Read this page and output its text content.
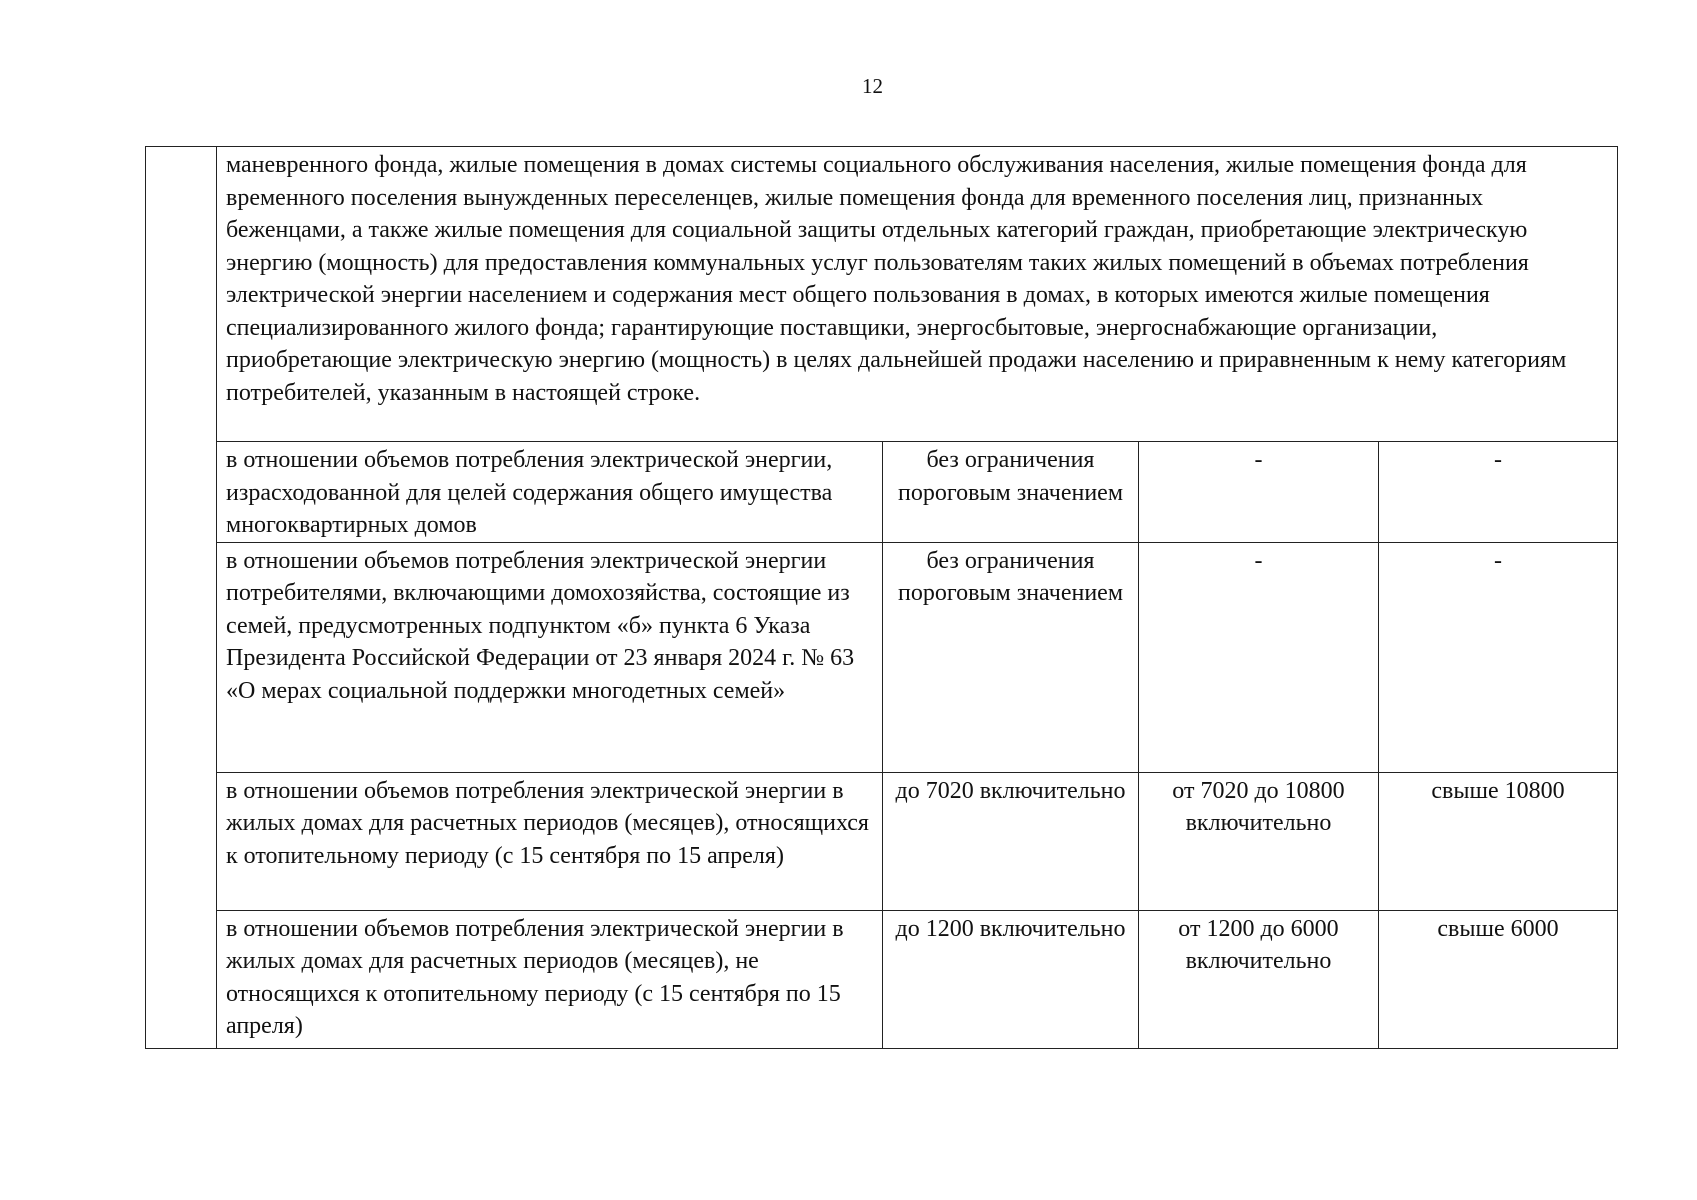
12
	маневренного фонда, жилые помещения в домах системы социального обслуживания населения, жилые помещения фонда для временного поселения вынужденных переселенцев, жилые помещения фонда для временного поселения лиц, признанных беженцами, а также жилые помещения для социальной защиты отдельных категорий граждан, приобретающие электрическую энергию (мощность) для предоставления коммунальных услуг пользователям таких жилых помещений в объемах потребления электрической энергии населением и содержания мест общего пользования в домах, в которых имеются жилые помещения специализированного жилого фонда; гарантирующие поставщики, энергосбытовые, энергоснабжающие организации, приобретающие электрическую энергию (мощность) в целях дальнейшей продажи населению и приравненным к нему категориям потребителей, указанным в настоящей строке.			
	в отношении объемов потребления электрической энергии, израсходованной для целей содержания общего имущества многоквартирных домов	без ограничения пороговым значением	-	-
	в отношении объемов потребления электрической энергии потребителями, включающими домохозяйства, состоящие из семей, предусмотренных подпунктом «б» пункта 6 Указа Президента Российской Федерации от 23 января 2024 г. № 63 «О мерах социальной поддержки многодетных семей»	без ограничения пороговым значением	-	-
	в отношении объемов потребления электрической энергии в жилых домах для расчетных периодов (месяцев), относящихся к отопительному периоду (с 15 сентября по 15 апреля)	до 7020 включительно	от 7020 до 10800 включительно	свыше 10800
	в отношении объемов потребления электрической энергии в жилых домах для расчетных периодов (месяцев), не относящихся к отопительному периоду (с 15 сентября по 15 апреля)	до 1200 включительно	от 1200 до 6000 включительно	свыше 6000
